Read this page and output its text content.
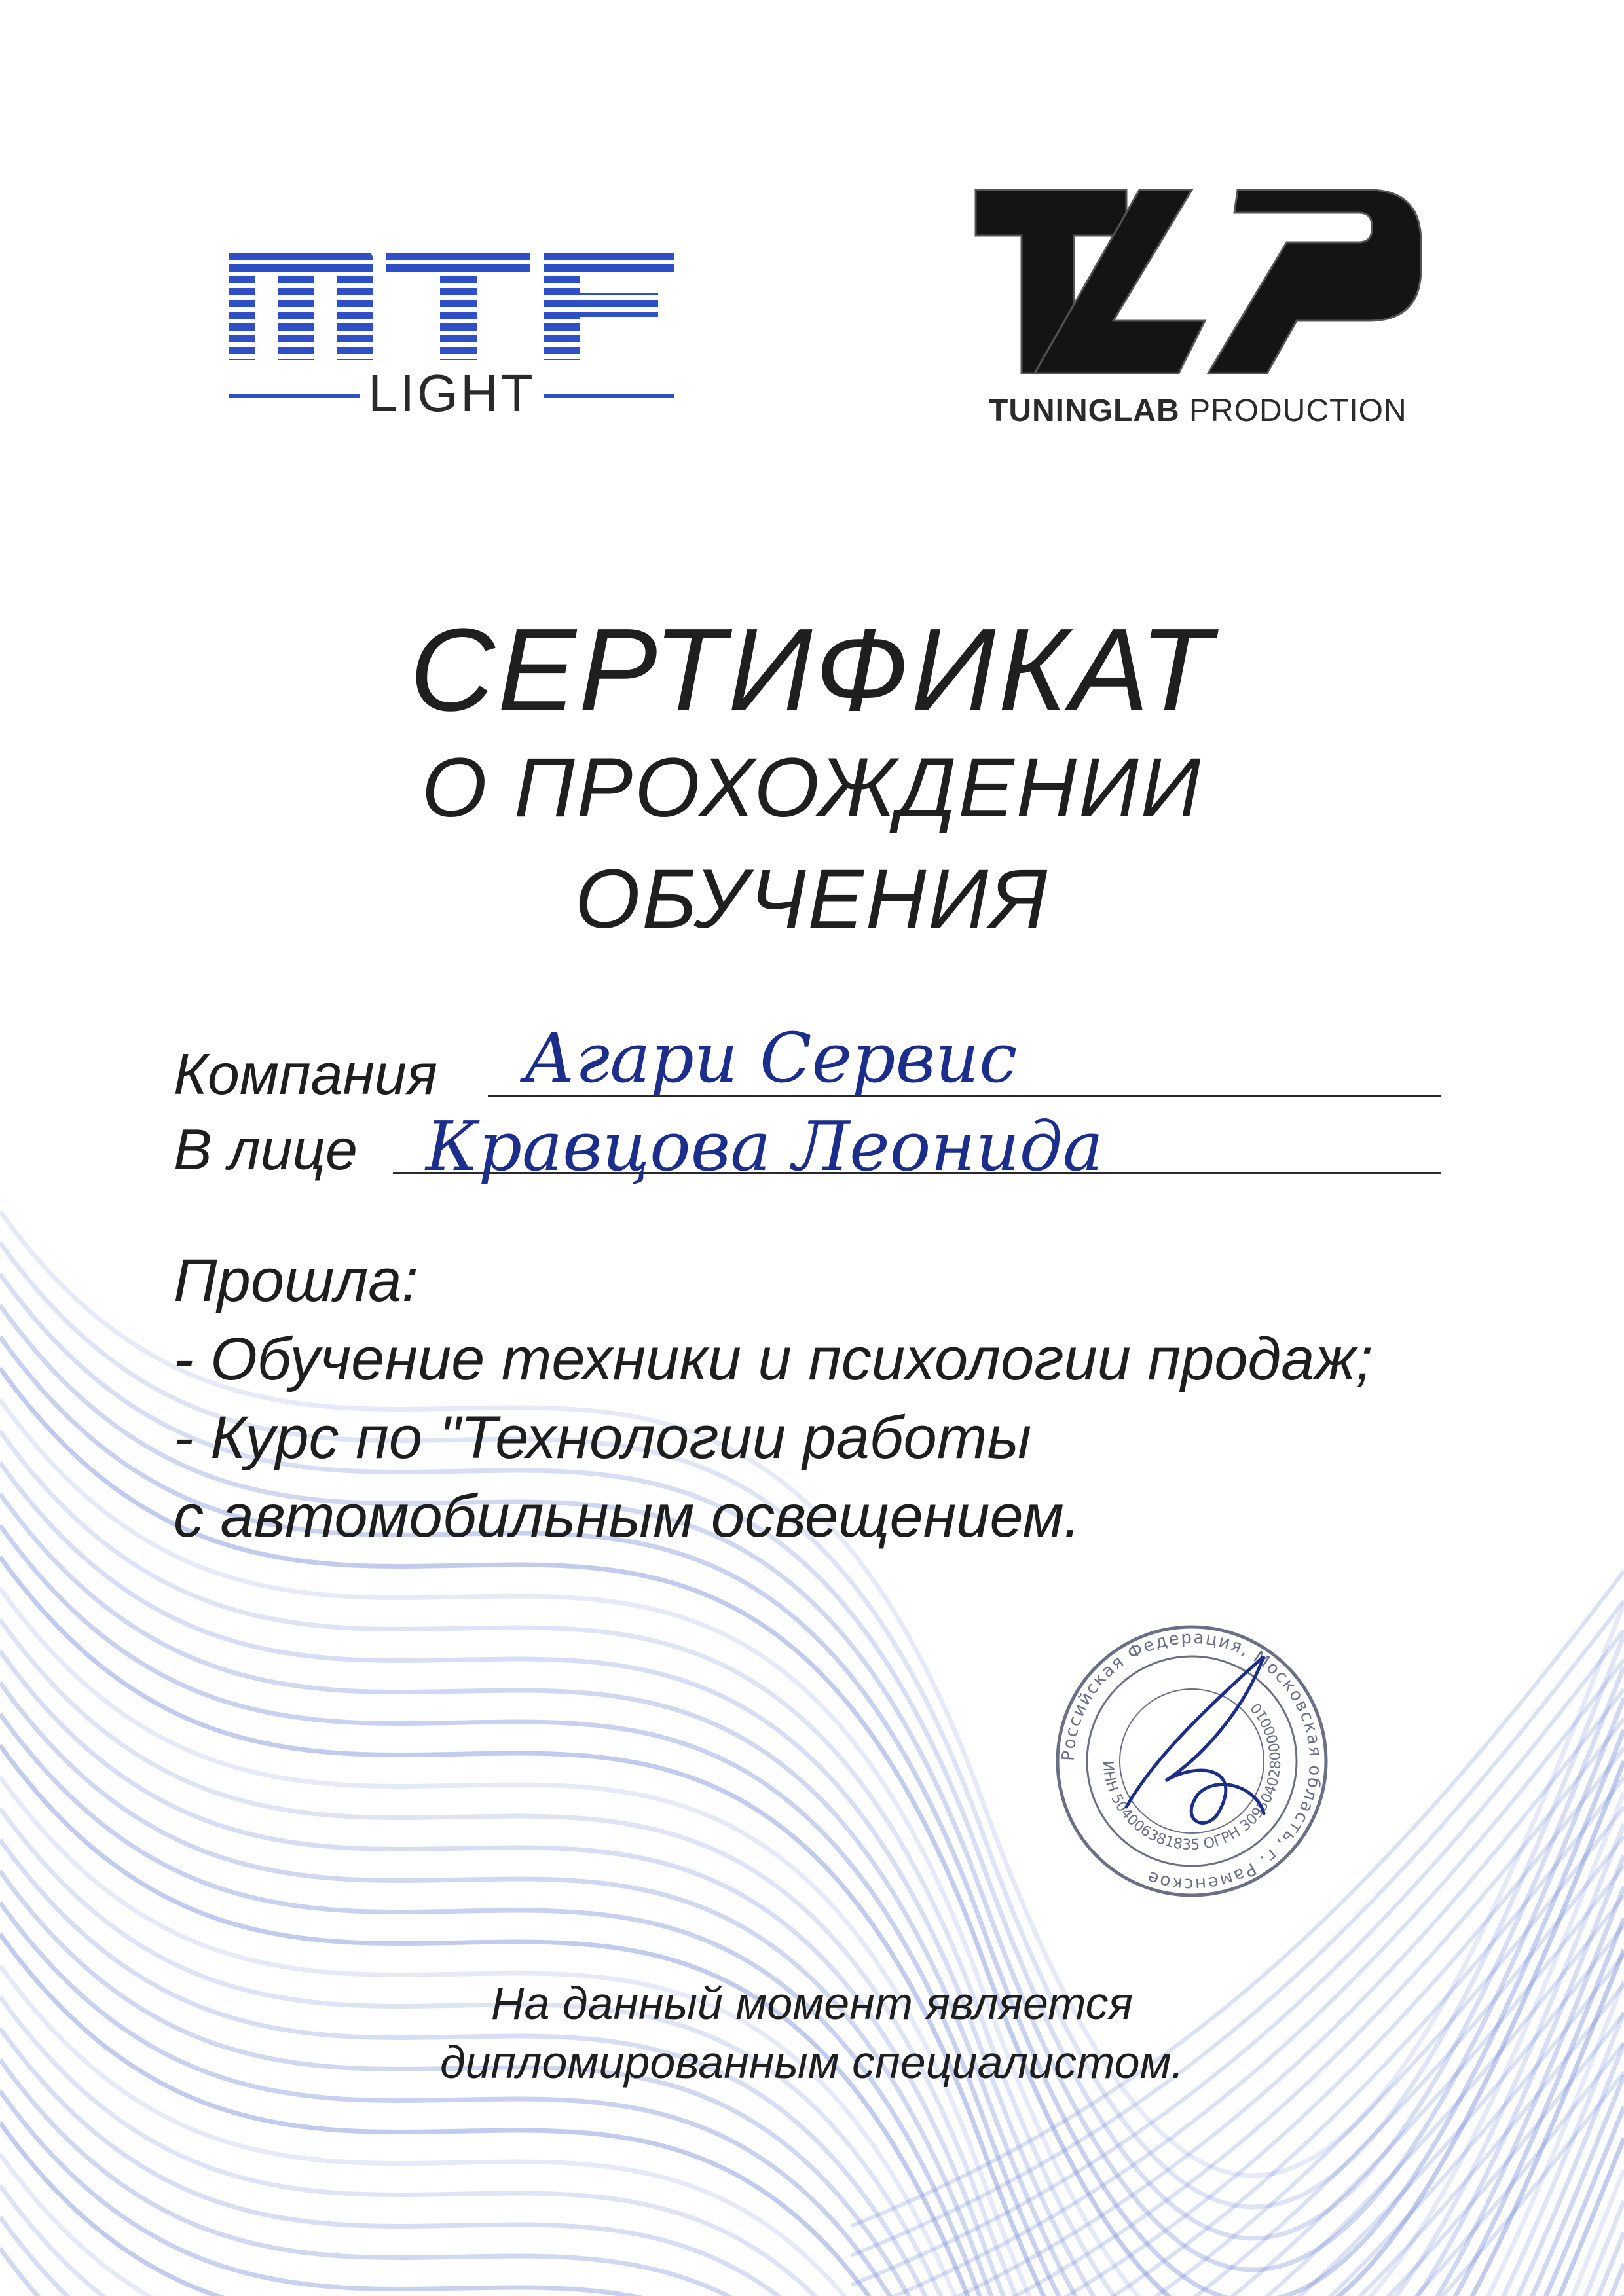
LIGHT	TUNINGLAB PRODUCTION
СЕРТИФИКАТ
О ПРОХОЖДЕНИИ
ОБУЧЕНИЯ
Компания Агари Сервис
В лице Кравцова Леонида
Прошла:
- Обучение техники и психологии продаж;
- Курс по "Технологии работы
с автомобильным освещением.
Российская Федерация, Московская область, г. Раменское
ИНН 504006381835 ОГРН 3095040280000010
На данный момент является
дипломированным специалистом.
